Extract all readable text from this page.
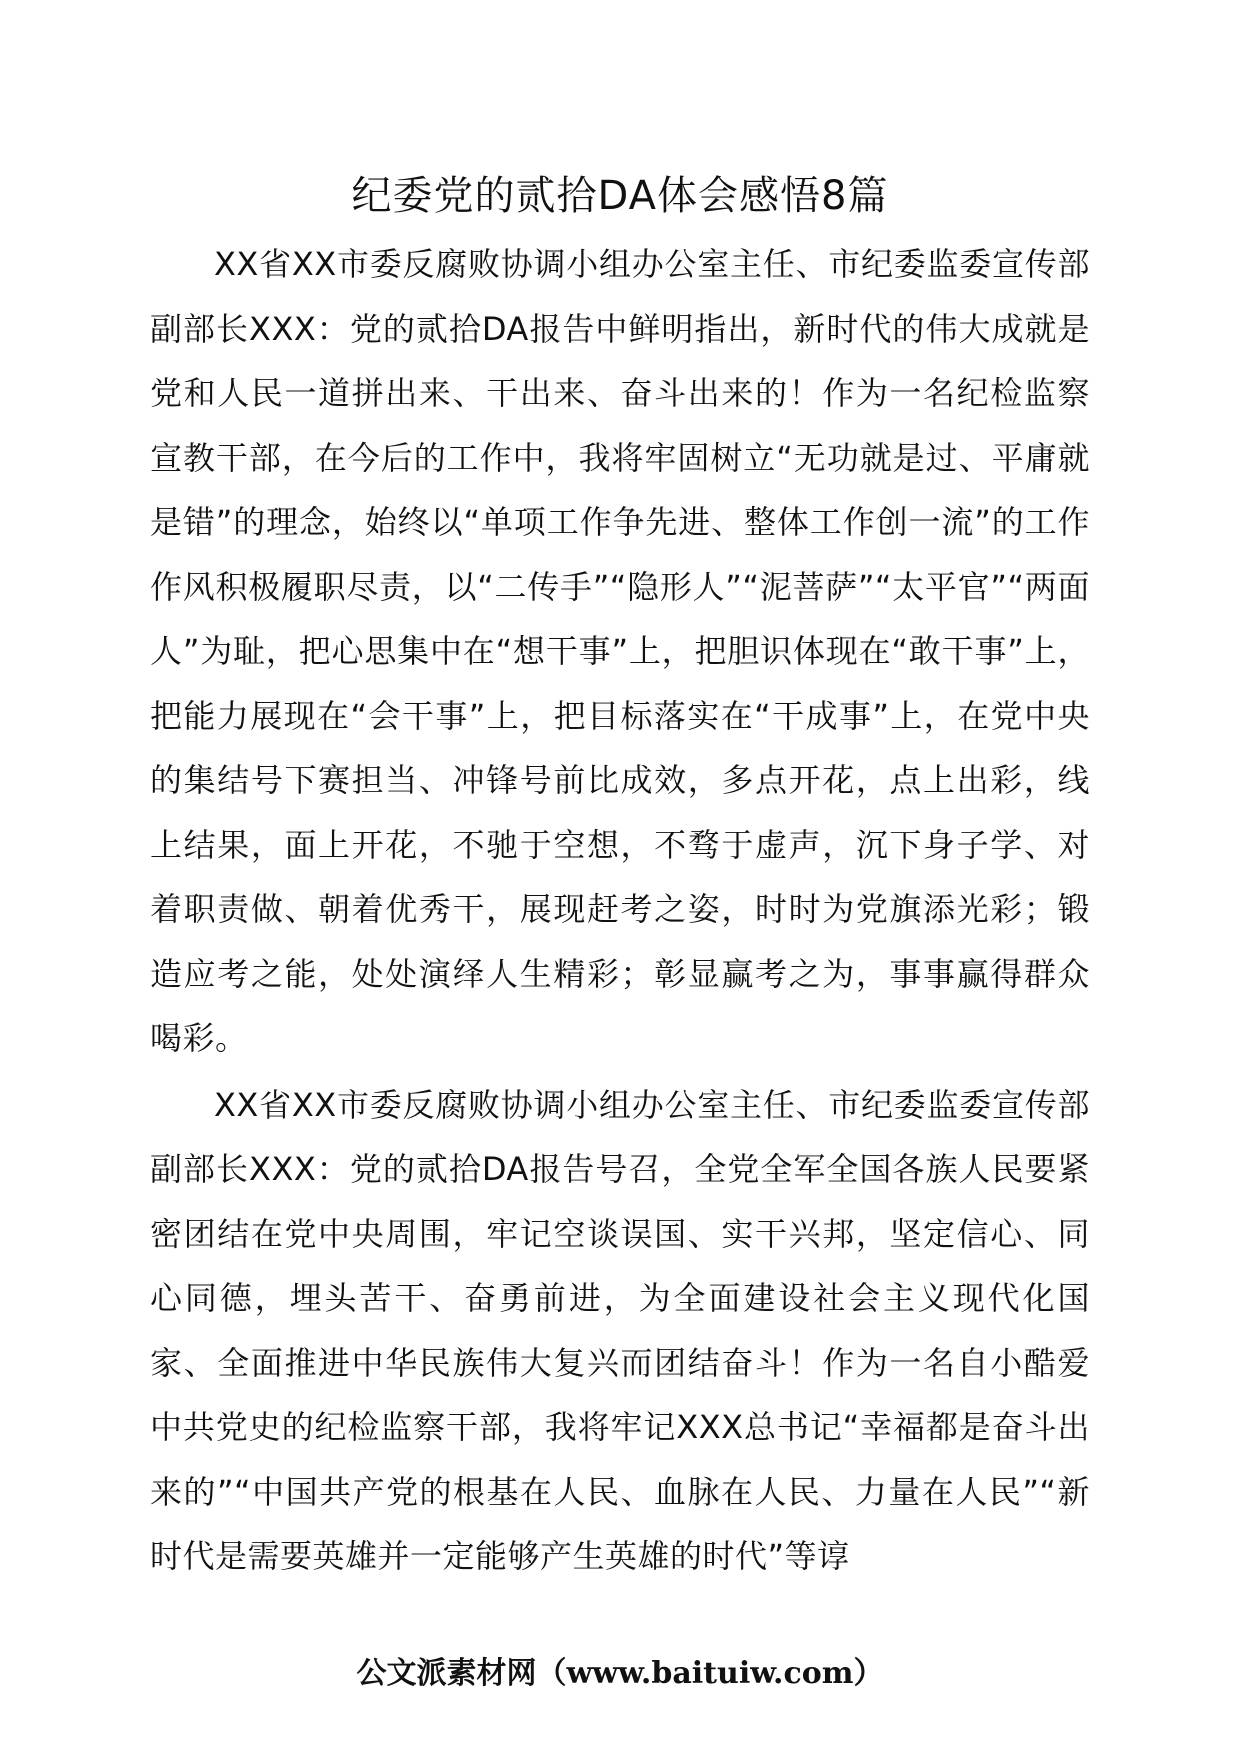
纪委党的贰拾DA体会感悟8篇

XX省XX市委反腐败协调小组办公室主任、市纪委监委宣传部副部长XXX：党的贰拾DA报告中鲜明指出，新时代的伟大成就是党和人民一道拼出来、干出来、奋斗出来的！作为一名纪检监察宣教干部，在今后的工作中，我将牢固树立“无功就是过、平庸就是错”的理念，始终以“单项工作争先进、整体工作创一流”的工作作风积极履职尽责，以“二传手”“隐形人”“泥菩萨”“太平官”“两面人”为耻，把心思集中在“想干事”上，把胆识体现在“敢干事”上，把能力展现在“会干事”上，把目标落实在“干成事”上，在党中央的集结号下赛担当、冲锋号前比成效，多点开花，点上出彩，线上结果，面上开花，不驰于空想，不骛于虚声，沉下身子学、对着职责做、朝着优秀干，展现赶考之姿，时时为党旗添光彩；锻造应考之能，处处演绎人生精彩；彰显赢考之为，事事赢得群众喝彩。

XX省XX市委反腐败协调小组办公室主任、市纪委监委宣传部副部长XXX：党的贰拾DA报告号召，全党全军全国各族人民要紧密团结在党中央周围，牢记空谈误国、实干兴邦，坚定信心、同心同德，埋头苦干、奋勇前进，为全面建设社会主义现代化国家、全面推进中华民族伟大复兴而团结奋斗！作为一名自小酷爱中共党史的纪检监察干部，我将牢记XXX总书记“幸福都是奋斗出来的”“中国共产党的根基在人民、血脉在人民、力量在人民”“新时代是需要英雄并一定能够产生英雄的时代”等谆

公文派素材网（www.baituiw.com）
